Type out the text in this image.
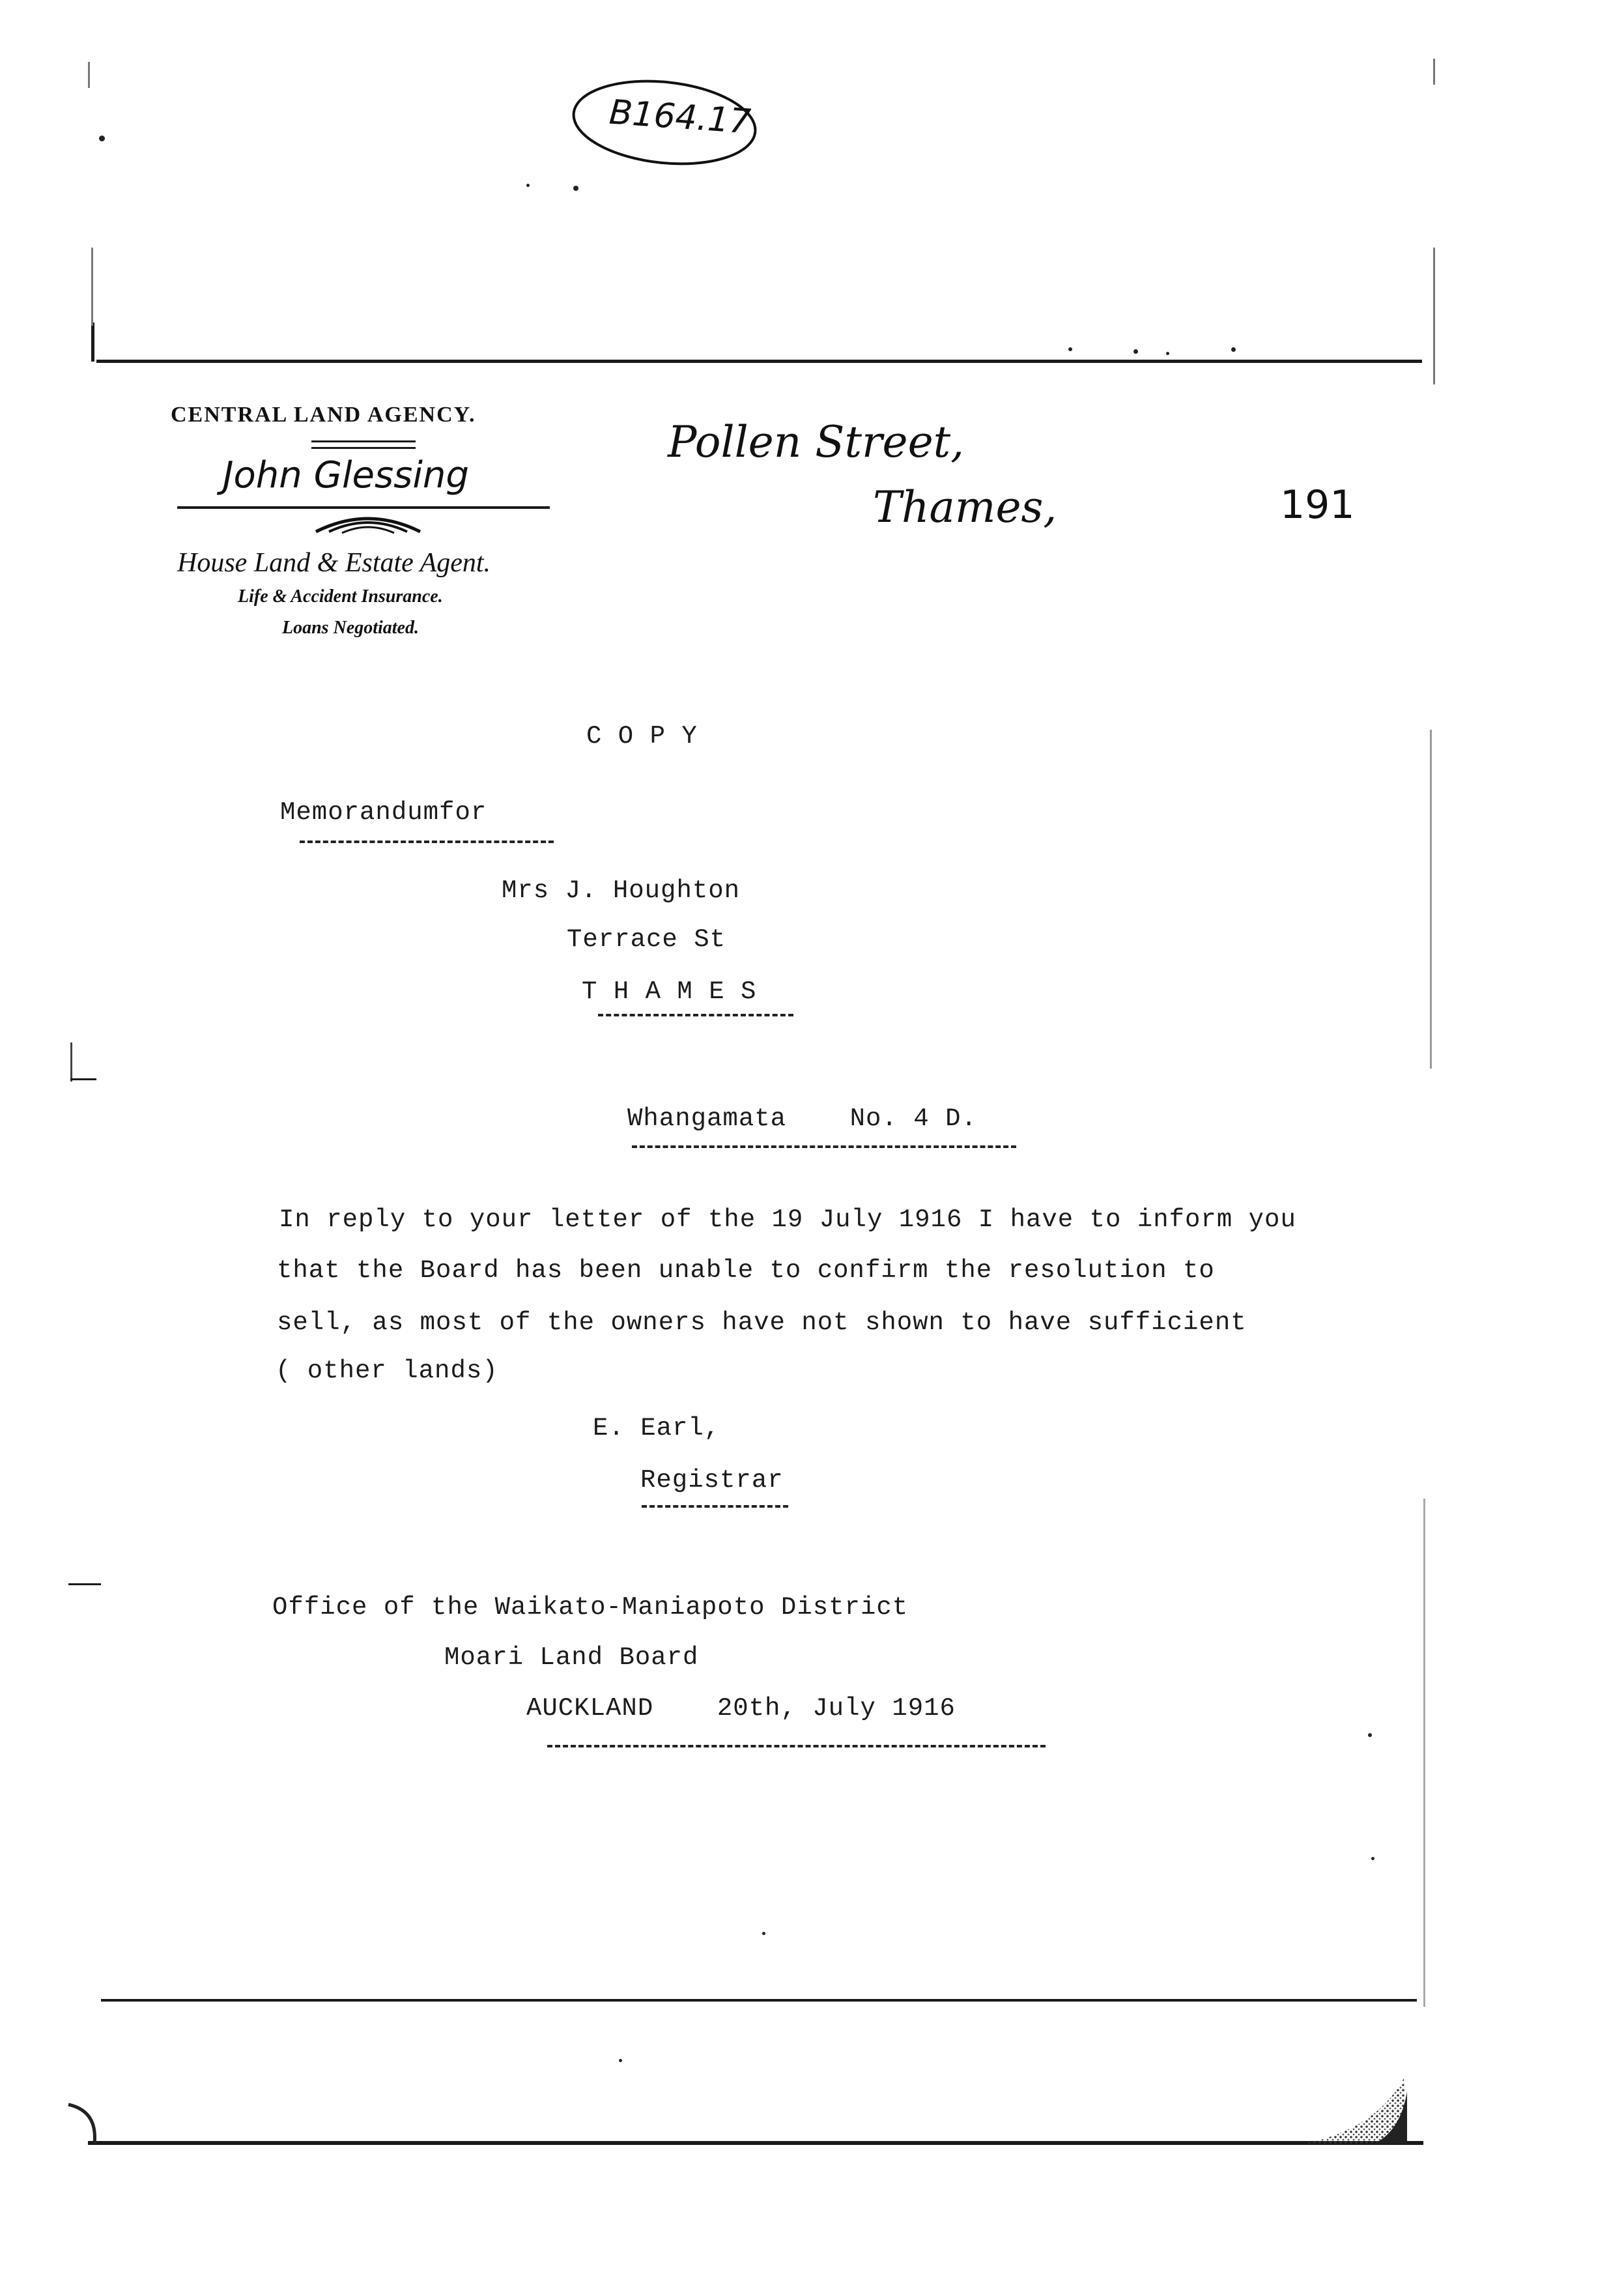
B164.17
CENTRAL LAND AGENCY.
John Glessing
House Land & Estate Agent.
Life & Accident Insurance.
Loans Negotiated.
Pollen Street,
Thames,	191
C O P Y
Memorandumfor
Mrs J. Houghton
Terrace St
T H A M E S
Whangamata    No. 4 D.
In reply to your letter of the 19 July 1916 I have to inform you
that the Board has been unable to confirm the resolution to
sell, as most of the owners have not shown to have sufficient
( other lands)
E. Earl,
Registrar
Office of the Waikato-Maniapoto District
Moari Land Board
AUCKLAND    20th, July 1916
